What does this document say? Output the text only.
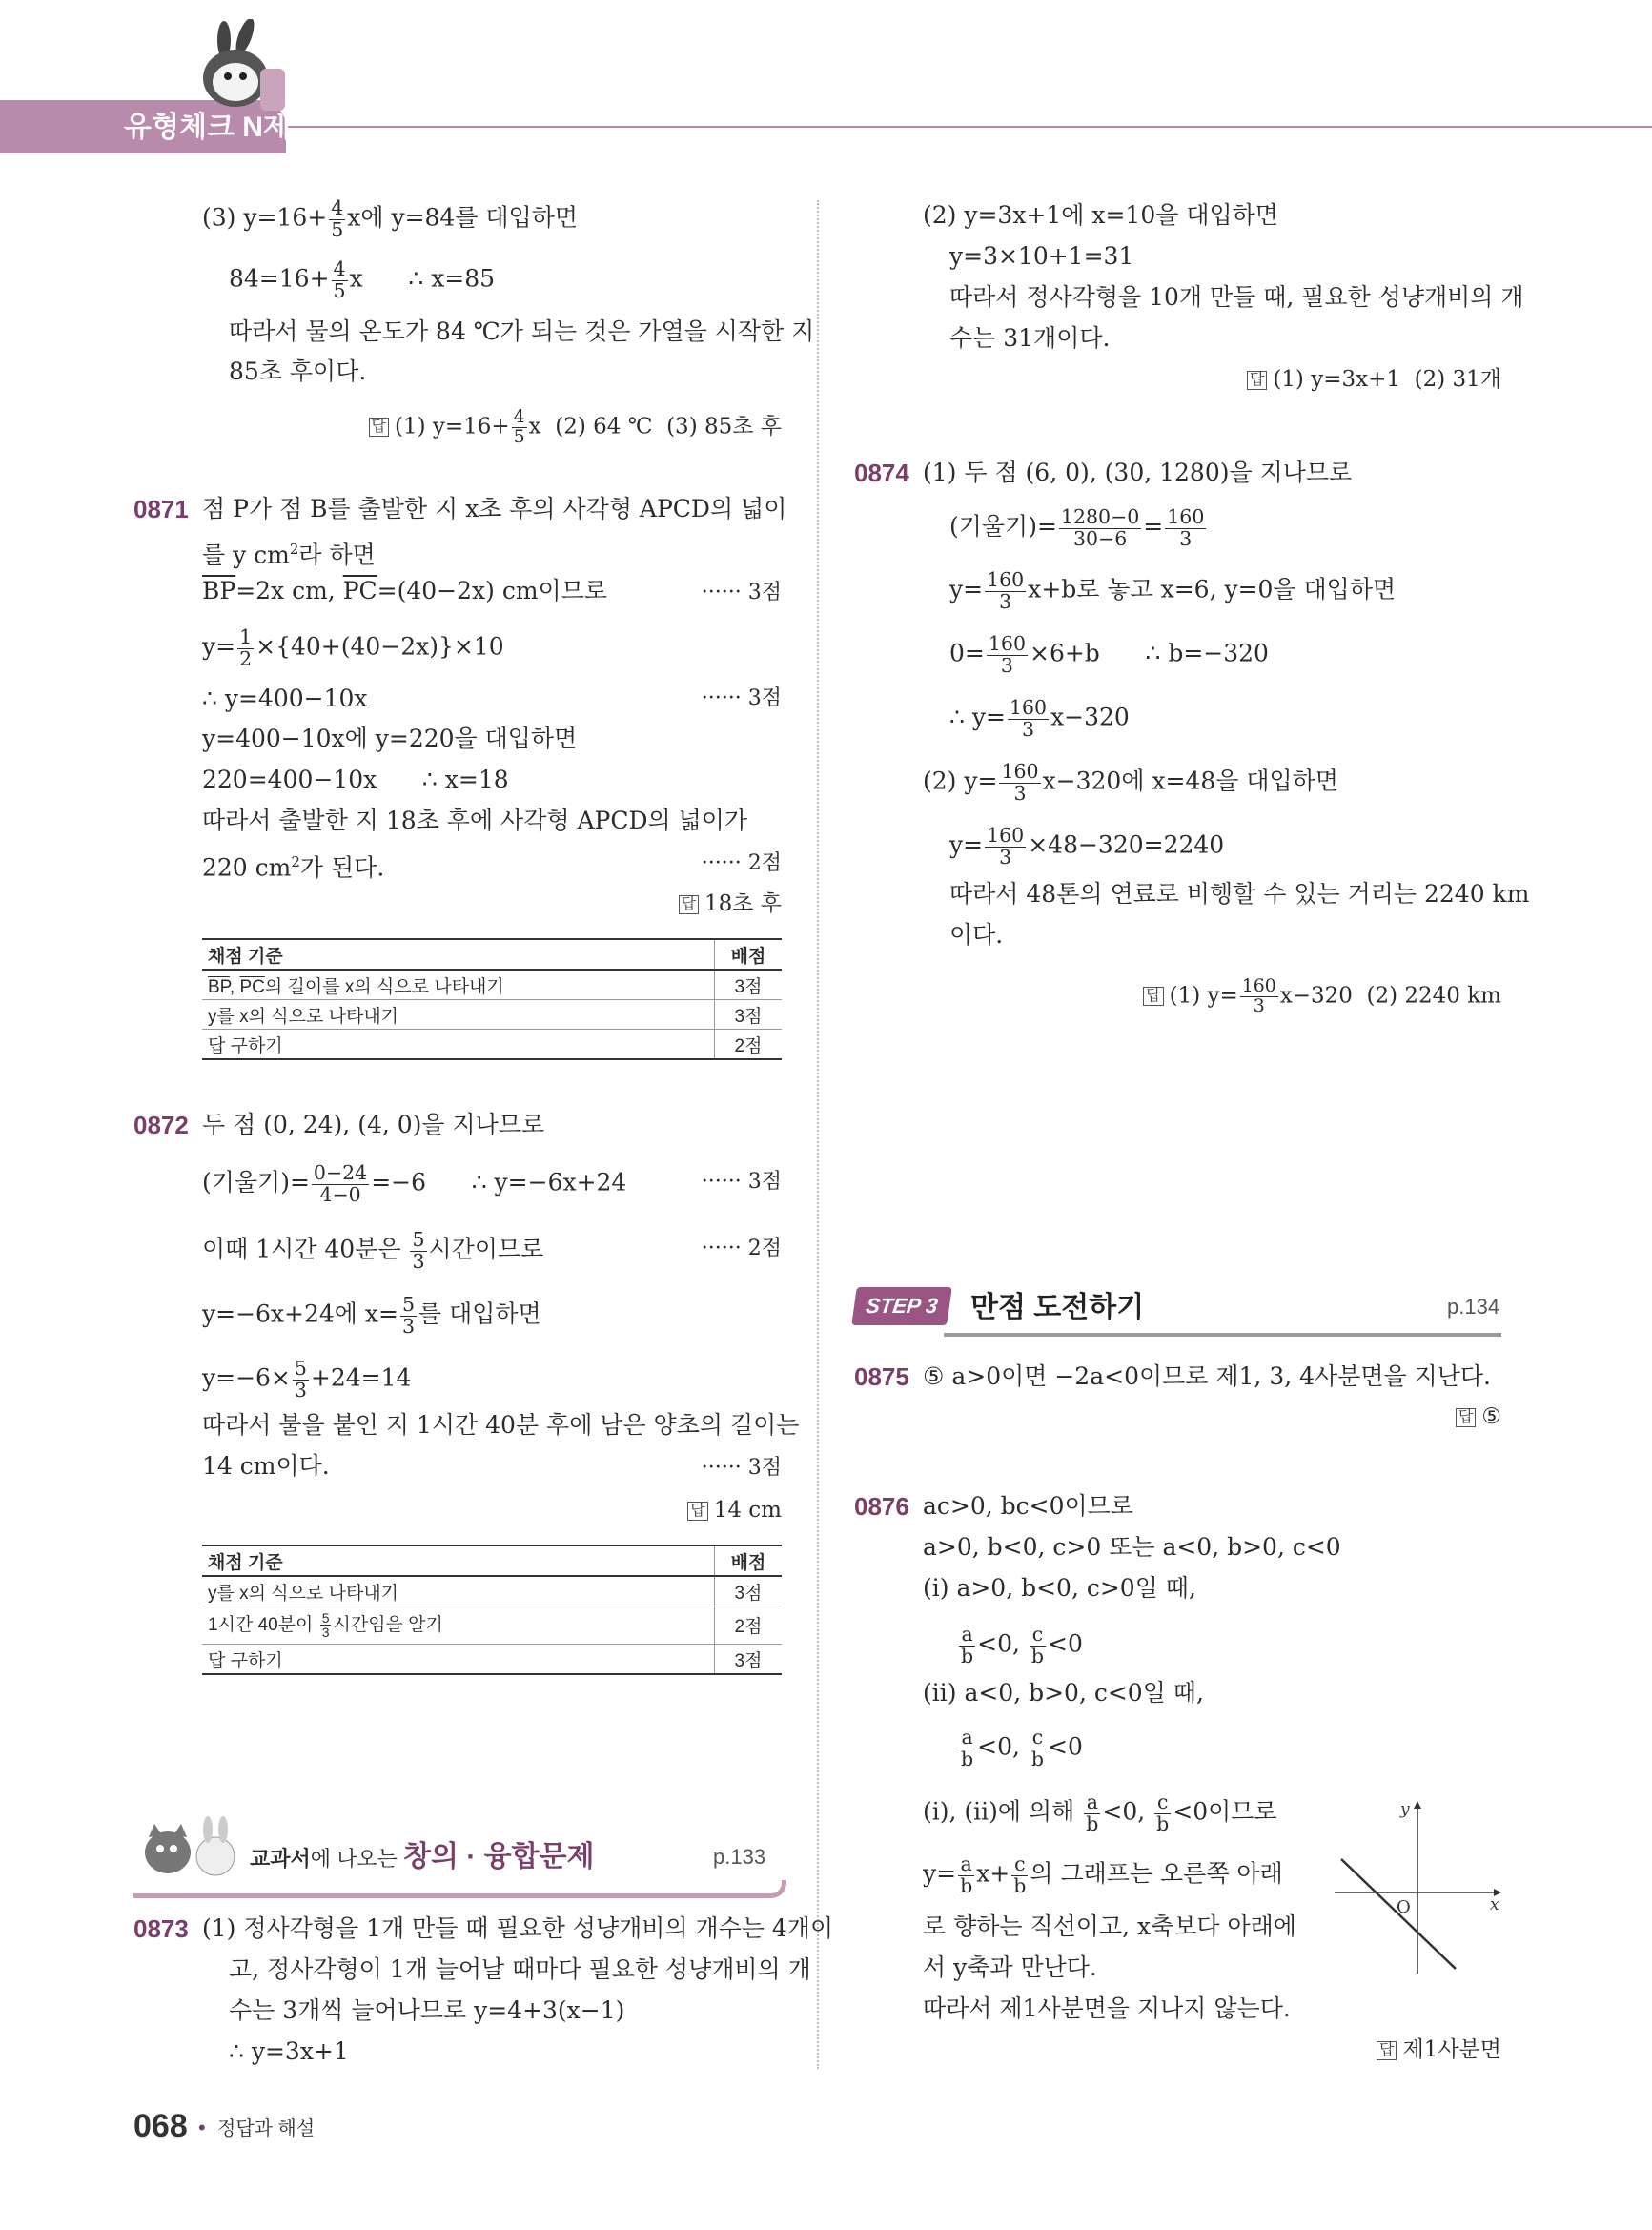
유형체크 N제
(3) $y=16+ \frac{4}{5}$ x에 y=84를 대입하면
$84=16+ \frac{4}{5}$ x      ∴ x=85
따라서 물의 온도가 84 ℃가 되는 것은 가열을 시작한 지
85초 후이다.
답 (1) $y=16+ \frac{4}{5}$ x  (2) 64 ℃  (3) 85초 후
0871 점 P가 점 B를 출발한 지 x초 후의 사각형 APCD의 넓이
를 y $cm^2$라 하면
$\overline{BP}=2x$ cm, $\overline{PC}=(40-2x)$ cm이므로	······ 3점
$y= \frac{1}{2} \times\{40+(40-2x)\}\times 10$
∴ y=400−10x	······ 3점
y=400−10x에 y=220을 대입하면
220=400−10x      ∴ x=18
따라서 출발한 지 18초 후에 사각형 APCD의 넓이가
220 $cm^2$가 된다.	······ 2점
답 18초 후
채점 기준	배점
$\overline{BP}$, $\overline{PC}$의 길이를 x의 식으로 나타내기	3점
y를 x의 식으로 나타내기	3점
답 구하기	2점
0872 두 점 (0, 24), (4, 0)을 지나므로
(기울기)= $\frac{0-24}{4-0} =-6$      ∴ y=−6x+24	······ 3점
이때 1시간 40분은 $\frac{5}{3}$ 시간이므로	······ 2점
y=−6x+24에 $x= \frac{5}{3}$ 를 대입하면
$y=-6\times \frac{5}{3} +24=14$
따라서 불을 붙인 지 1시간 40분 후에 남은 양초의 길이는
14 cm이다.	······ 3점
답 14 cm
채점 기준	배점
y를 x의 식으로 나타내기	3점
1시간 40분이 $\frac{5}{3}$ 시간임을 알기	2점
답 구하기	3점
교과서에 나오는 창의 · 융합문제	p.133
0873 (1) 정사각형을 1개 만들 때 필요한 성냥개비의 개수는 4개이
고, 정사각형이 1개 늘어날 때마다 필요한 성냥개비의 개
수는 3개씩 늘어나므로 y=4+3(x−1)
∴ y=3x+1
068 • 정답과 해설
(2) y=3x+1에 x=10을 대입하면
y=3×10+1=31
따라서 정사각형을 10개 만들 때, 필요한 성냥개비의 개
수는 31개이다.
답 (1) y=3x+1  (2) 31개
0874 (1) 두 점 (6, 0), (30, 1280)을 지나므로
(기울기)= $\frac{1280-0}{30-6} = \frac{160}{3}$
$y= \frac{160}{3} x+b$로 놓고 x=6, y=0을 대입하면
$0= \frac{160}{3} \times 6+b$      ∴ b=−320
∴ $y= \frac{160}{3} x-320$
(2) $y= \frac{160}{3} x-320$에 x=48을 대입하면
$y= \frac{160}{3} \times 48-320=2240$
따라서 48톤의 연료로 비행할 수 있는 거리는 2240 km
이다.
답 (1) $y= \frac{160}{3} x-320$  (2) 2240 km
STEP 3	만점 도전하기	p.134
0875 ⑤ a>0이면 −2a<0이므로 제1, 3, 4사분면을 지난다.
답 ⑤
0876 ac>0, bc<0이므로
a>0, b<0, c>0 또는 a<0, b>0, c<0
(ⅰ) a>0, b<0, c>0일 때,
$\frac{a}{b} <0$, $\frac{c}{b} <0$
(ⅱ) a<0, b>0, c<0일 때,
$\frac{a}{b} <0$, $\frac{c}{b} <0$
(ⅰ), (ⅱ)에 의해 $\frac{a}{b} <0$, $\frac{c}{b} <0$이므로
$y= \frac{a}{b} x+ \frac{c}{b}$ 의 그래프는 오른쪽 아래
로 향하는 직선이고, x축보다 아래에
서 y축과 만난다.
따라서 제1사분면을 지나지 않는다.
답 제1사분면
x
y
O
